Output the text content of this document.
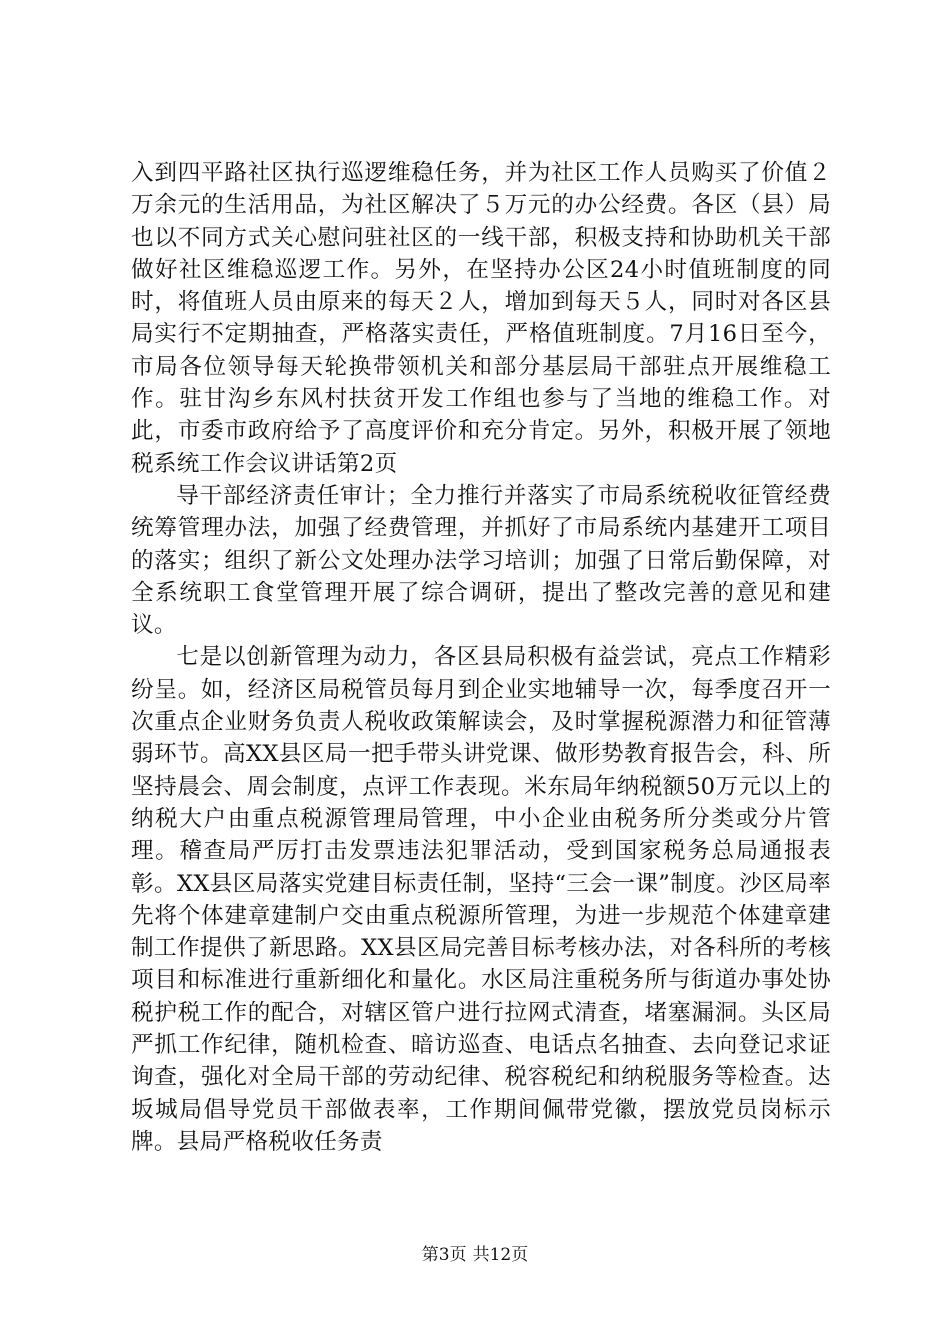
入到四平路社区执行巡逻维稳任务，并为社区工作人员购买了价值２万余元的生活用品，为社区解决了５万元的办公经费。各区（县）局也以不同方式关心慰问驻社区的一线干部，积极支持和协助机关干部做好社区维稳巡逻工作。另外，在坚持办公区24小时值班制度的同时，将值班人员由原来的每天２人，增加到每天５人，同时对各区县局实行不定期抽查，严格落实责任，严格值班制度。7月16日至今，市局各位领导每天轮换带领机关和部分基层局干部驻点开展维稳工作。驻甘沟乡东风村扶贫开发工作组也参与了当地的维稳工作。对此，市委市政府给予了高度评价和充分肯定。另外，积极开展了领地税系统工作会议讲话第2页

导干部经济责任审计；全力推行并落实了市局系统税收征管经费统筹管理办法，加强了经费管理，并抓好了市局系统内基建开工项目的落实；组织了新公文处理办法学习培训；加强了日常后勤保障，对全系统职工食堂管理开展了综合调研，提出了整改完善的意见和建议。

七是以创新管理为动力，各区县局积极有益尝试，亮点工作精彩纷呈。如，经济区局税管员每月到企业实地辅导一次，每季度召开一次重点企业财务负责人税收政策解读会，及时掌握税源潜力和征管薄弱环节。高XX县区局一把手带头讲党课、做形势教育报告会，科、所坚持晨会、周会制度，点评工作表现。米东局年纳税额50万元以上的纳税大户由重点税源管理局管理，中小企业由税务所分类或分片管理。稽查局严厉打击发票违法犯罪活动，受到国家税务总局通报表彰。XX县区局落实党建目标责任制，坚持“三会一课”制度。沙区局率先将个体建章建制户交由重点税源所管理，为进一步规范个体建章建制工作提供了新思路。XX县区局完善目标考核办法，对各科所的考核项目和标准进行重新细化和量化。水区局注重税务所与街道办事处协税护税工作的配合，对辖区管户进行拉网式清查，堵塞漏洞。头区局严抓工作纪律，随机检查、暗访巡查、电话点名抽查、去向登记求证询查，强化对全局干部的劳动纪律、税容税纪和纳税服务等检查。达坂城局倡导党员干部做表率，工作期间佩带党徽，摆放党员岗标示牌。县局严格税收任务责

第3页 共12页
